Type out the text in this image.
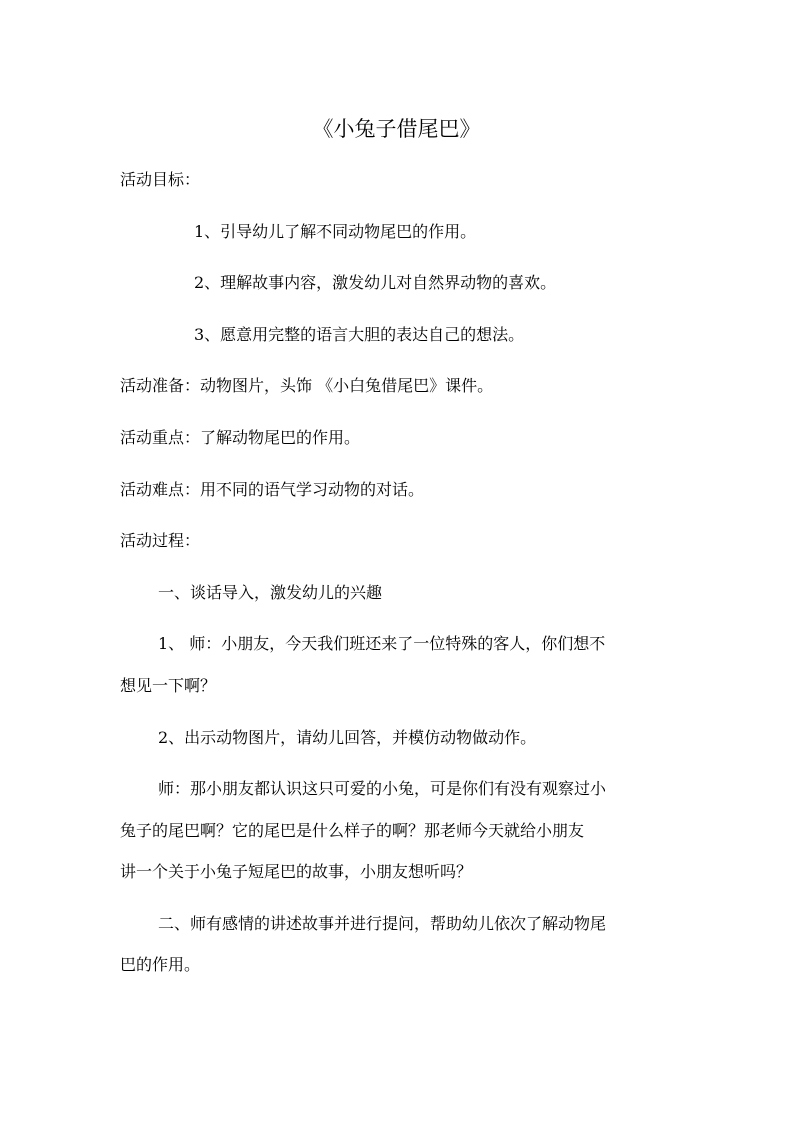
《小兔子借尾巴》

活动目标：

1、引导幼儿了解不同动物尾巴的作用。

2、理解故事内容，激发幼儿对自然界动物的喜欢。

3、愿意用完整的语言大胆的表达自己的想法。

活动准备：动物图片，头饰 《小白兔借尾巴》课件。

活动重点：了解动物尾巴的作用。

活动难点：用不同的语气学习动物的对话。

活动过程：

一、谈话导入，激发幼儿的兴趣

1、 师：小朋友，今天我们班还来了一位特殊的客人，你们想不

想见一下啊？

2、出示动物图片，请幼儿回答，并模仿动物做动作。

师：那小朋友都认识这只可爱的小兔，可是你们有没有观察过小

兔子的尾巴啊？它的尾巴是什么样子的啊？那老师今天就给小朋友

讲一个关于小兔子短尾巴的故事，小朋友想听吗？

二、师有感情的讲述故事并进行提问，帮助幼儿依次了解动物尾

巴的作用。
